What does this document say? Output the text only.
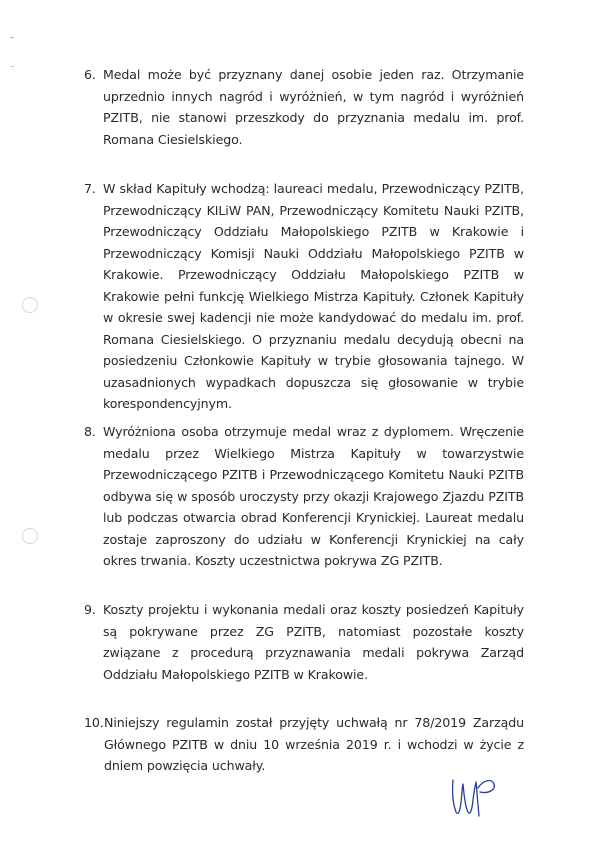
6. Medal może być przyznany danej osobie jeden raz. Otrzymanie uprzednio innych nagród i wyróżnień, w tym nagród i wyróżnień PZITB, nie stanowi przeszkody do przyznania medalu im. prof. Romana Ciesielskiego.
7. W skład Kapituły wchodzą: laureaci medalu, Przewodniczący PZITB, Przewodniczący KILiW PAN, Przewodniczący Komitetu Nauki PZITB, Przewodniczący Oddziału Małopolskiego PZITB w Krakowie i Przewodniczący Komisji Nauki Oddziału Małopolskiego PZITB w Krakowie. Przewodniczący Oddziału Małopolskiego PZITB w Krakowie pełni funkcję Wielkiego Mistrza Kapituły. Członek Kapituły w okresie swej kadencji nie może kandydować do medalu im. prof. Romana Ciesielskiego. O przyznaniu medalu decydują obecni na posiedzeniu Członkowie Kapituły w trybie głosowania tajnego. W uzasadnionych wypadkach dopuszcza się głosowanie w trybie korespondencyjnym.
8. Wyróżniona osoba otrzymuje medal wraz z dyplomem. Wręczenie medalu przez Wielkiego Mistrza Kapituły w towarzystwie Przewodniczącego PZITB i Przewodniczącego Komitetu Nauki PZITB odbywa się w sposób uroczysty przy okazji Krajowego Zjazdu PZITB lub podczas otwarcia obrad Konferencji Krynickiej. Laureat medalu zostaje zaproszony do udziału w Konferencji Krynickiej na cały okres trwania. Koszty uczestnictwa pokrywa ZG PZITB.
9. Koszty projektu i wykonania medali oraz koszty posiedzeń Kapituły są pokrywane przez ZG PZITB, natomiast pozostałe koszty związane z procedurą przyznawania medali pokrywa Zarząd Oddziału Małopolskiego PZITB w Krakowie.
10. Niniejszy regulamin został przyjęty uchwałą nr 78/2019 Zarządu Głównego PZITB w dniu 10 września 2019 r. i wchodzi w życie z dniem powzięcia uchwały.
